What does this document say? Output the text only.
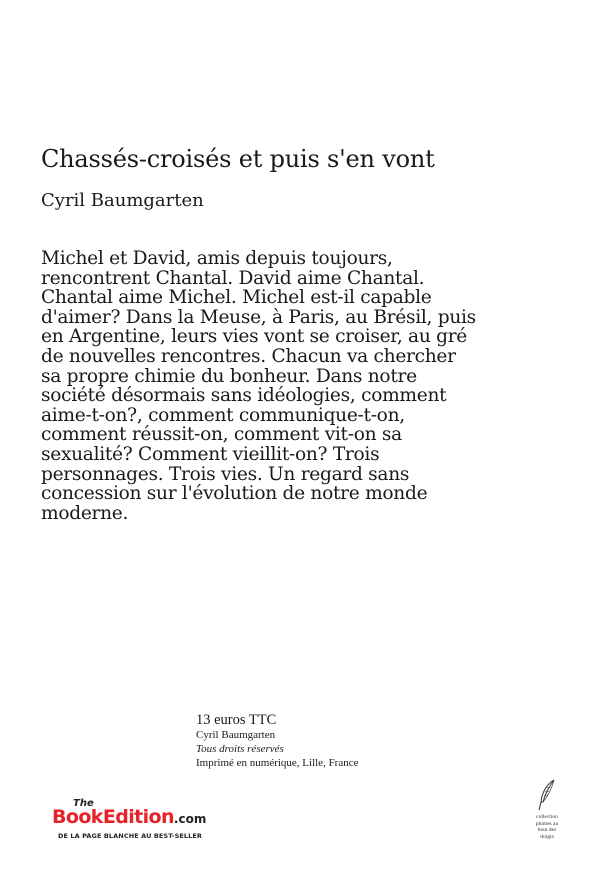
Chassés-croisés et puis s'en vont
Cyril Baumgarten
Michel et David, amis depuis toujours,
rencontrent Chantal. David aime Chantal.
Chantal aime Michel. Michel est-il capable
d'aimer? Dans la Meuse, à Paris, au Brésil, puis
en Argentine, leurs vies vont se croiser, au gré
de nouvelles rencontres. Chacun va chercher
sa propre chimie du bonheur. Dans notre
société désormais sans idéologies, comment
aime-t-on?, comment communique-t-on,
comment réussit-on, comment vit-on sa
sexualité? Comment vieillit-on? Trois
personnages. Trois vies. Un regard sans
concession sur l'évolution de notre monde
moderne.
13 euros TTC
Cyril Baumgarten
Tous droits réservés
Imprimé en numérique, Lille, France
The
BookEdition.com
DE LA PAGE BLANCHE AU BEST-SELLER
collection
plumes au
bout des
doigts
